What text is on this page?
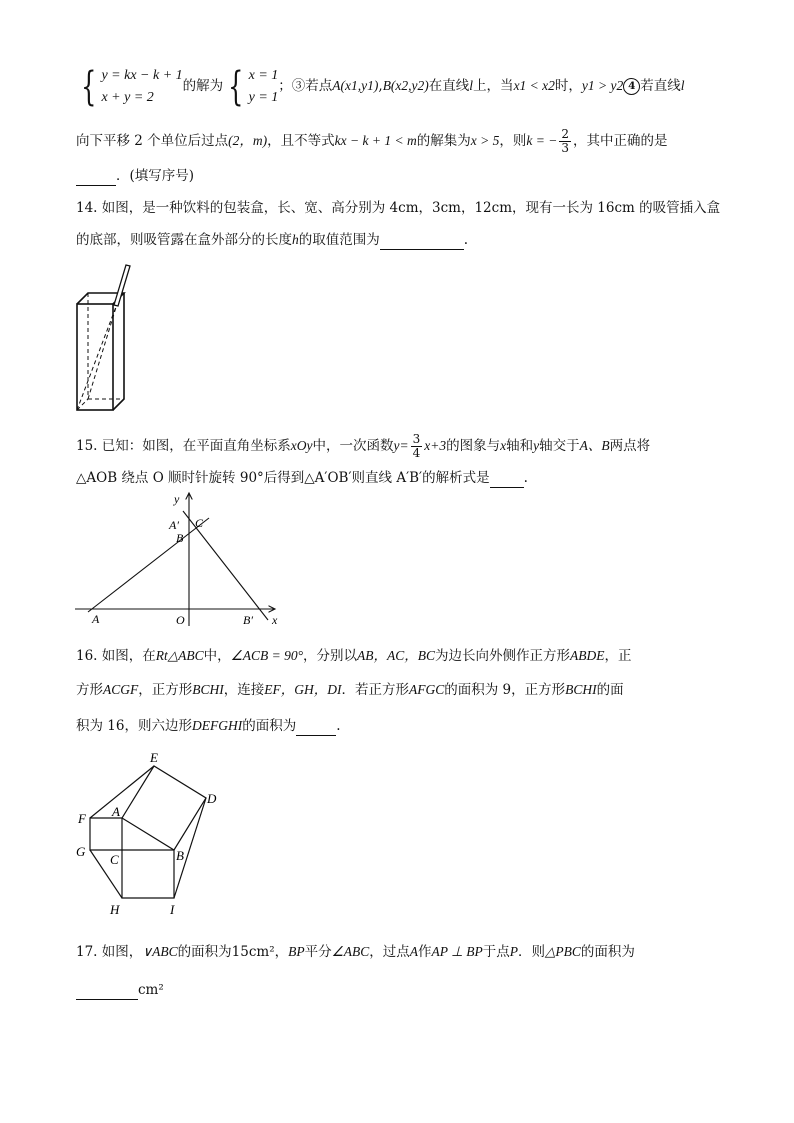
{ y = kx − k + 1
x + y = 2
的解为 { x = 1
y = 1
；③若点A(x1,y1),B(x2,y2)在直线l上，当x1 < x2时，y1 > y2 4 若直线l
向下平移 2 个单位后过点(2，m)，且不等式kx − k + 1 < m的解集为x > 5，则k = − $\frac{2}{3}$ ，其中正确的是
．(填写序号)
14. 如图，是一种饮料的包装盒，长、宽、高分别为 4cm，3cm，12cm，现有一长为 16cm 的吸管插入盒
的底部，则吸管露在盒外部分的长度h的取值范围为	.
15. 已知：如图，在平面直角坐标系xOy中，一次函数$y= \frac{3}{4} x+3$的图象与x轴和y轴交于A、B两点将
△AOB 绕点 O 顺时针旋转 90°后得到△A′OB′则直线 A′B′的解析式是	.
y
x
A′ C
B
A	O	B′
16. 如图，在Rt△ABC中，∠ACB = 90°，分别以AB，AC，BC为边长向外侧作正方形ABDE，正
方形ACGF，正方形BCHI，连接EF，GH，DI．若正方形AFGC的面积为 9，正方形BCHI的面
积为 16，则六边形DEFGHI的面积为	.
E
D
F A
G
C	B
H	I
17. 如图，∨ABC的面积为15cm²，BP平分∠ABC，过点A作AP ⊥ BP于点P．则△PBC的面积为
cm²
